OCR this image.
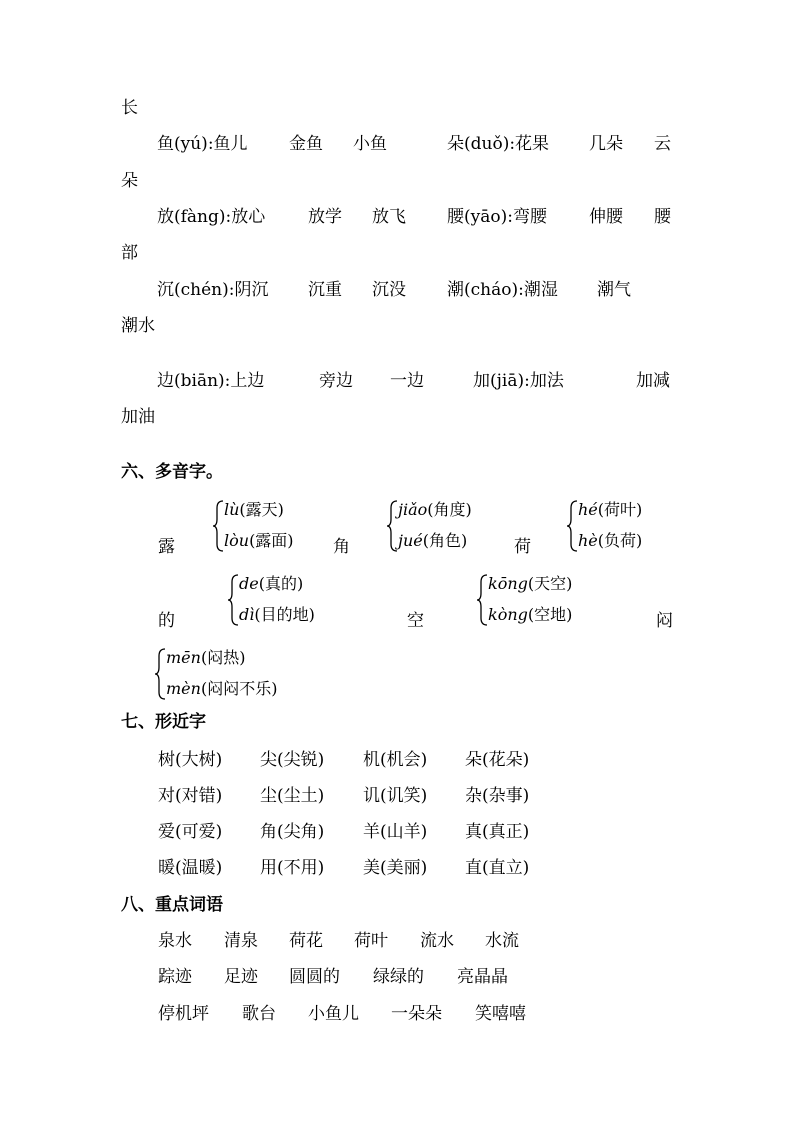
长
鱼(yú):鱼儿 金鱼 小鱼	朵(duǒ):花果 几朵 云
朵
放(fàng):放心	放学 放飞 腰(yāo):弯腰 伸腰 腰
部
沉(chén):阴沉 沉重 沉没 潮(cháo):潮湿 潮气
潮水
边(biān):上边	旁边 一边	加(jiā):加法	加减
加油
六、多音字。
露
lù(露天)
lòu(露面) 角
jiǎo(角度)
jué(角色)	荷
hé(荷叶)
hè(负荷)
的
de(真的)
dì(目的地)	空
kōng(天空)
kòng(空地)	闷
mēn(闷热)
mèn(闷闷不乐)
七、形近字
树(大树) 尖(尖锐) 机(机会) 朵(花朵)
对(对错) 尘(尘土) 讥(讥笑) 杂(杂事)
爱(可爱) 角(尖角) 羊(山羊) 真(真正)
暖(温暖) 用(不用) 美(美丽) 直(直立)
八、重点词语
泉水 清泉 荷花 荷叶 流水 水流
踪迹 足迹 圆圆的 绿绿的 亮晶晶
停机坪 歌台 小鱼儿 一朵朵 笑嘻嘻
